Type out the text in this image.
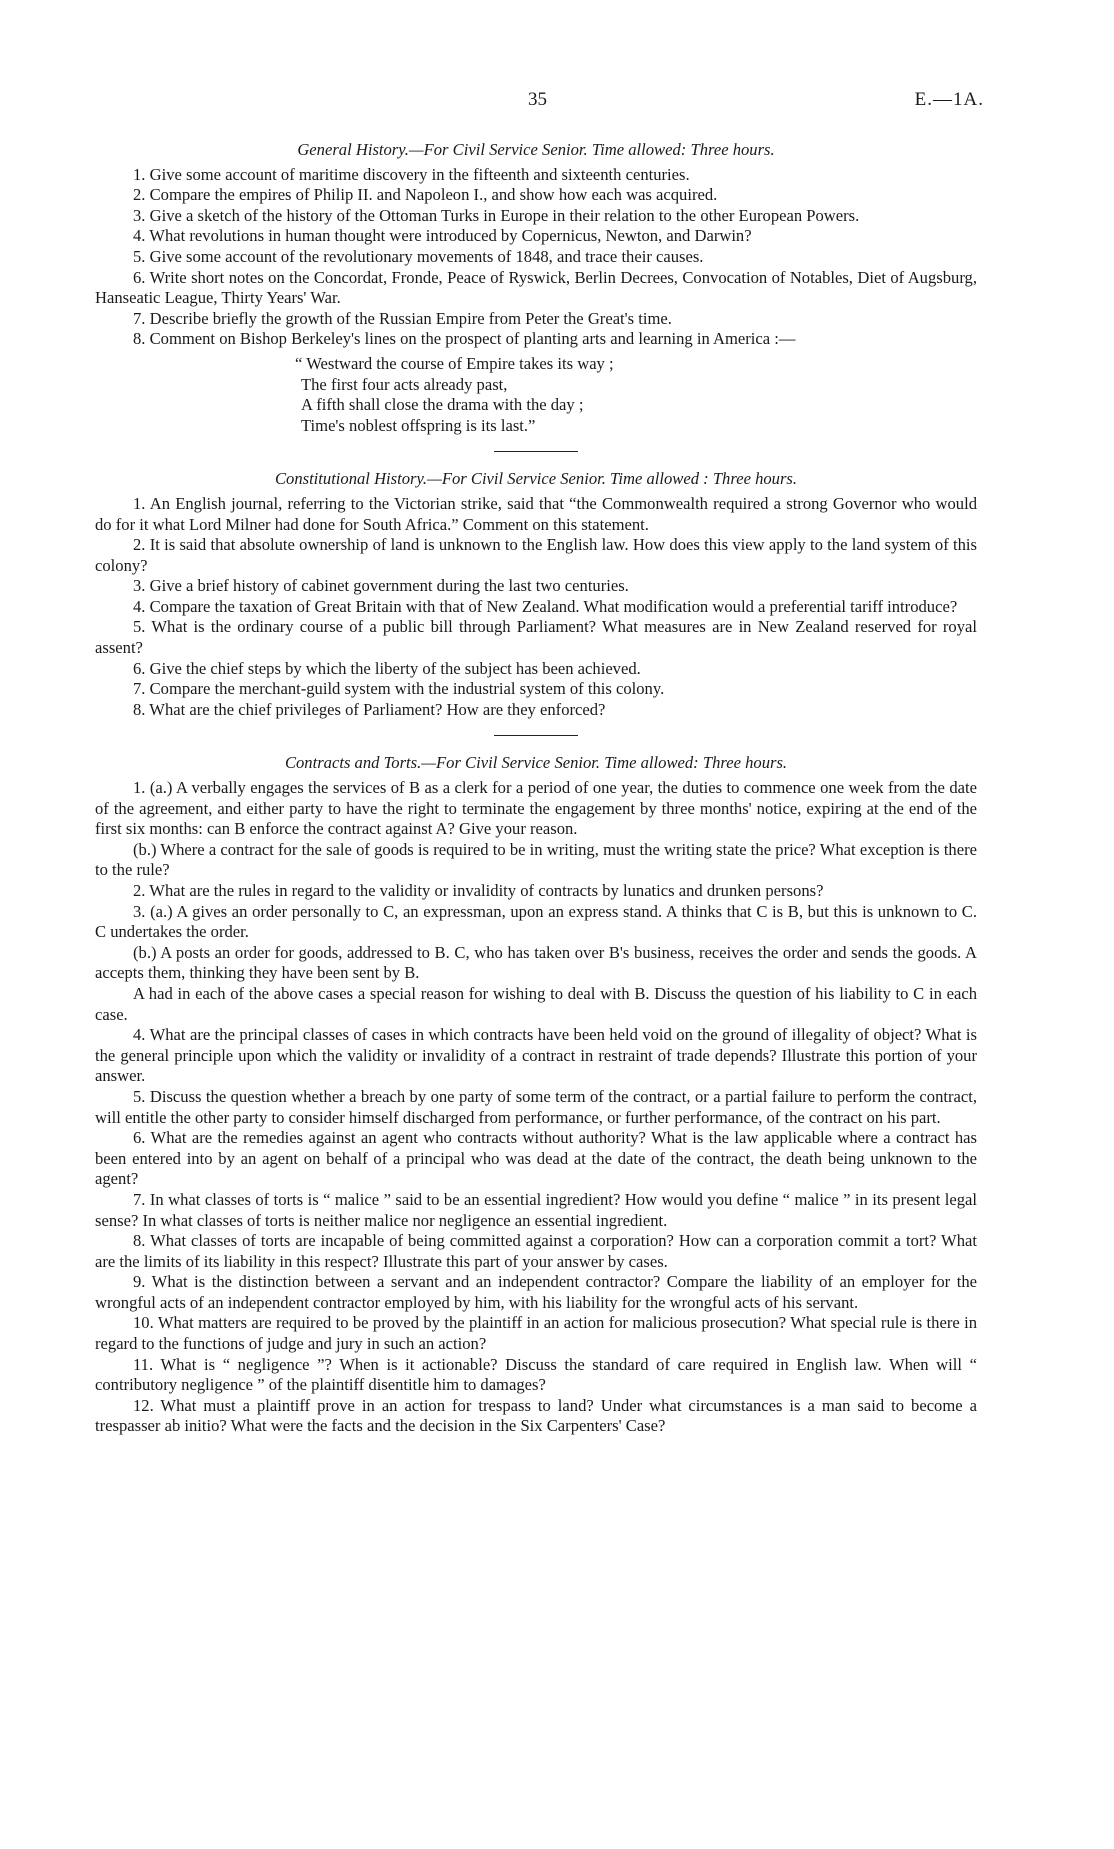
35	E.—1A.

General History.—For Civil Service Senior. Time allowed: Three hours.

1. Give some account of maritime discovery in the fifteenth and sixteenth centuries.

2. Compare the empires of Philip II. and Napoleon I., and show how each was acquired.

3. Give a sketch of the history of the Ottoman Turks in Europe in their relation to the other European Powers.

4. What revolutions in human thought were introduced by Copernicus, Newton, and Darwin?

5. Give some account of the revolutionary movements of 1848, and trace their causes.

6. Write short notes on the Concordat, Fronde, Peace of Ryswick, Berlin Decrees, Convocation of Notables, Diet of Augsburg, Hanseatic League, Thirty Years' War.

7. Describe briefly the growth of the Russian Empire from Peter the Great's time.

8. Comment on Bishop Berkeley's lines on the prospect of planting arts and learning in America :—

“ Westward the course of Empire takes its way ;
The first four acts already past,
A fifth shall close the drama with the day ;
Time's noblest offspring is its last.”

Constitutional History.—For Civil Service Senior. Time allowed : Three hours.

1. An English journal, referring to the Victorian strike, said that “the Commonwealth required a strong Governor who would do for it what Lord Milner had done for South Africa.” Comment on this statement.

2. It is said that absolute ownership of land is unknown to the English law. How does this view apply to the land system of this colony?

3. Give a brief history of cabinet government during the last two centuries.

4. Compare the taxation of Great Britain with that of New Zealand. What modification would a preferential tariff introduce?

5. What is the ordinary course of a public bill through Parliament? What measures are in New Zealand reserved for royal assent?

6. Give the chief steps by which the liberty of the subject has been achieved.

7. Compare the merchant-guild system with the industrial system of this colony.

8. What are the chief privileges of Parliament? How are they enforced?

Contracts and Torts.—For Civil Service Senior. Time allowed: Three hours.

1. (a.) A verbally engages the services of B as a clerk for a period of one year, the duties to commence one week from the date of the agreement, and either party to have the right to terminate the engagement by three months' notice, expiring at the end of the first six months: can B enforce the contract against A? Give your reason.

(b.) Where a contract for the sale of goods is required to be in writing, must the writing state the price? What exception is there to the rule?

2. What are the rules in regard to the validity or invalidity of contracts by lunatics and drunken persons?

3. (a.) A gives an order personally to C, an expressman, upon an express stand. A thinks that C is B, but this is unknown to C. C undertakes the order.

(b.) A posts an order for goods, addressed to B. C, who has taken over B's business, receives the order and sends the goods. A accepts them, thinking they have been sent by B.

A had in each of the above cases a special reason for wishing to deal with B. Discuss the question of his liability to C in each case.

4. What are the principal classes of cases in which contracts have been held void on the ground of illegality of object? What is the general principle upon which the validity or invalidity of a contract in restraint of trade depends? Illustrate this portion of your answer.

5. Discuss the question whether a breach by one party of some term of the contract, or a partial failure to perform the contract, will entitle the other party to consider himself discharged from performance, or further performance, of the contract on his part.

6. What are the remedies against an agent who contracts without authority? What is the law applicable where a contract has been entered into by an agent on behalf of a principal who was dead at the date of the contract, the death being unknown to the agent?

7. In what classes of torts is “ malice ” said to be an essential ingredient? How would you define “ malice ” in its present legal sense? In what classes of torts is neither malice nor negligence an essential ingredient.

8. What classes of torts are incapable of being committed against a corporation? How can a corporation commit a tort? What are the limits of its liability in this respect? Illustrate this part of your answer by cases.

9. What is the distinction between a servant and an independent contractor? Compare the liability of an employer for the wrongful acts of an independent contractor employed by him, with his liability for the wrongful acts of his servant.

10. What matters are required to be proved by the plaintiff in an action for malicious prosecution? What special rule is there in regard to the functions of judge and jury in such an action?

11. What is “ negligence ”? When is it actionable? Discuss the standard of care required in English law. When will “ contributory negligence ” of the plaintiff disentitle him to damages?

12. What must a plaintiff prove in an action for trespass to land? Under what circumstances is a man said to become a trespasser ab initio? What were the facts and the decision in the Six Carpenters' Case?
